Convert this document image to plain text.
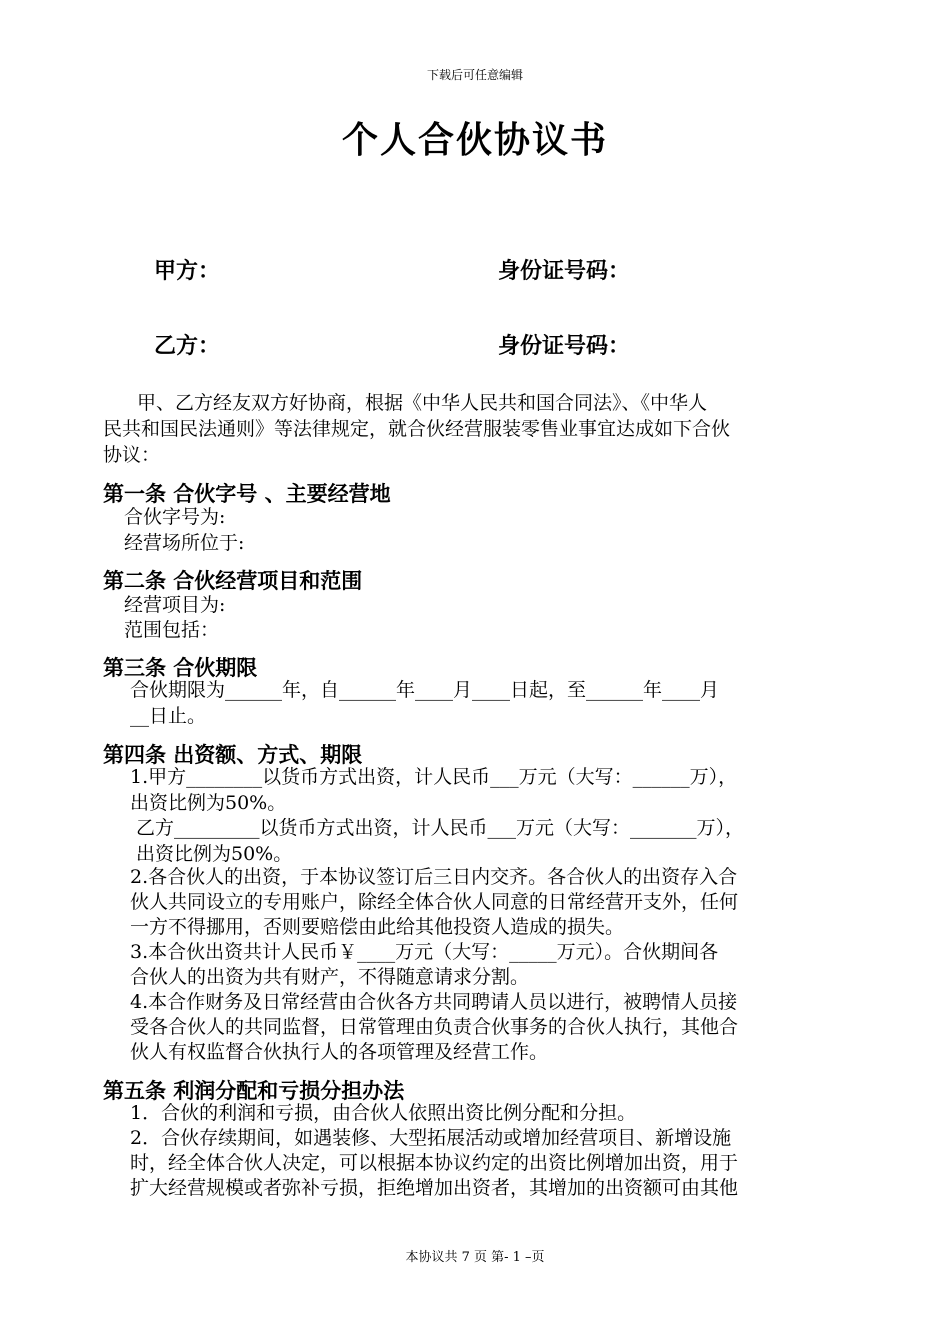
下载后可任意编辑
个人合伙协议书
甲方：	身份证号码：
乙方：	身份证号码：
甲、乙方经友双方好协商，根据《中华人民共和国合同法》、《中华人
民共和国民法通则》等法律规定，就合伙经营服装零售业事宜达成如下合伙
协议：
第一条 合伙字号 、主要经营地
合伙字号为:
经营场所位于:
第二条 合伙经营项目和范围
经营项目为:
范围包括：
第三条 合伙期限
合伙期限为______年，自______年____月____日起，至______年____月
__日止。
第四条 出资额、方式、期限
1.甲方________以货币方式出资，计人民币___万元（大写：______万），
出资比例为50%。
乙方_________以货币方式出资，计人民币___万元（大写：_______万），
出资比例为50%。
2.各合伙人的出资，于本协议签订后三日内交齐。各合伙人的出资存入合
伙人共同设立的专用账户，除经全体合伙人同意的日常经营开支外，任何
一方不得挪用，否则要赔偿由此给其他投资人造成的损失。
3.本合伙出资共计人民币￥____万元（大写：_____万元）。合伙期间各
合伙人的出资为共有财产，不得随意请求分割。
4.本合作财务及日常经营由合伙各方共同聘请人员以进行，被聘情人员接
受各合伙人的共同监督，日常管理由负责合伙事务的合伙人执行，其他合
伙人有权监督合伙执行人的各项管理及经营工作。
第五条 利润分配和亏损分担办法
1．合伙的利润和亏损，由合伙人依照出资比例分配和分担。
2．合伙存续期间，如遇装修、大型拓展活动或增加经营项目、新增设施
时，经全体合伙人决定，可以根据本协议约定的出资比例增加出资，用于
扩大经营规模或者弥补亏损，拒绝增加出资者，其增加的出资额可由其他
本协议共 7 页 第- 1 –页
